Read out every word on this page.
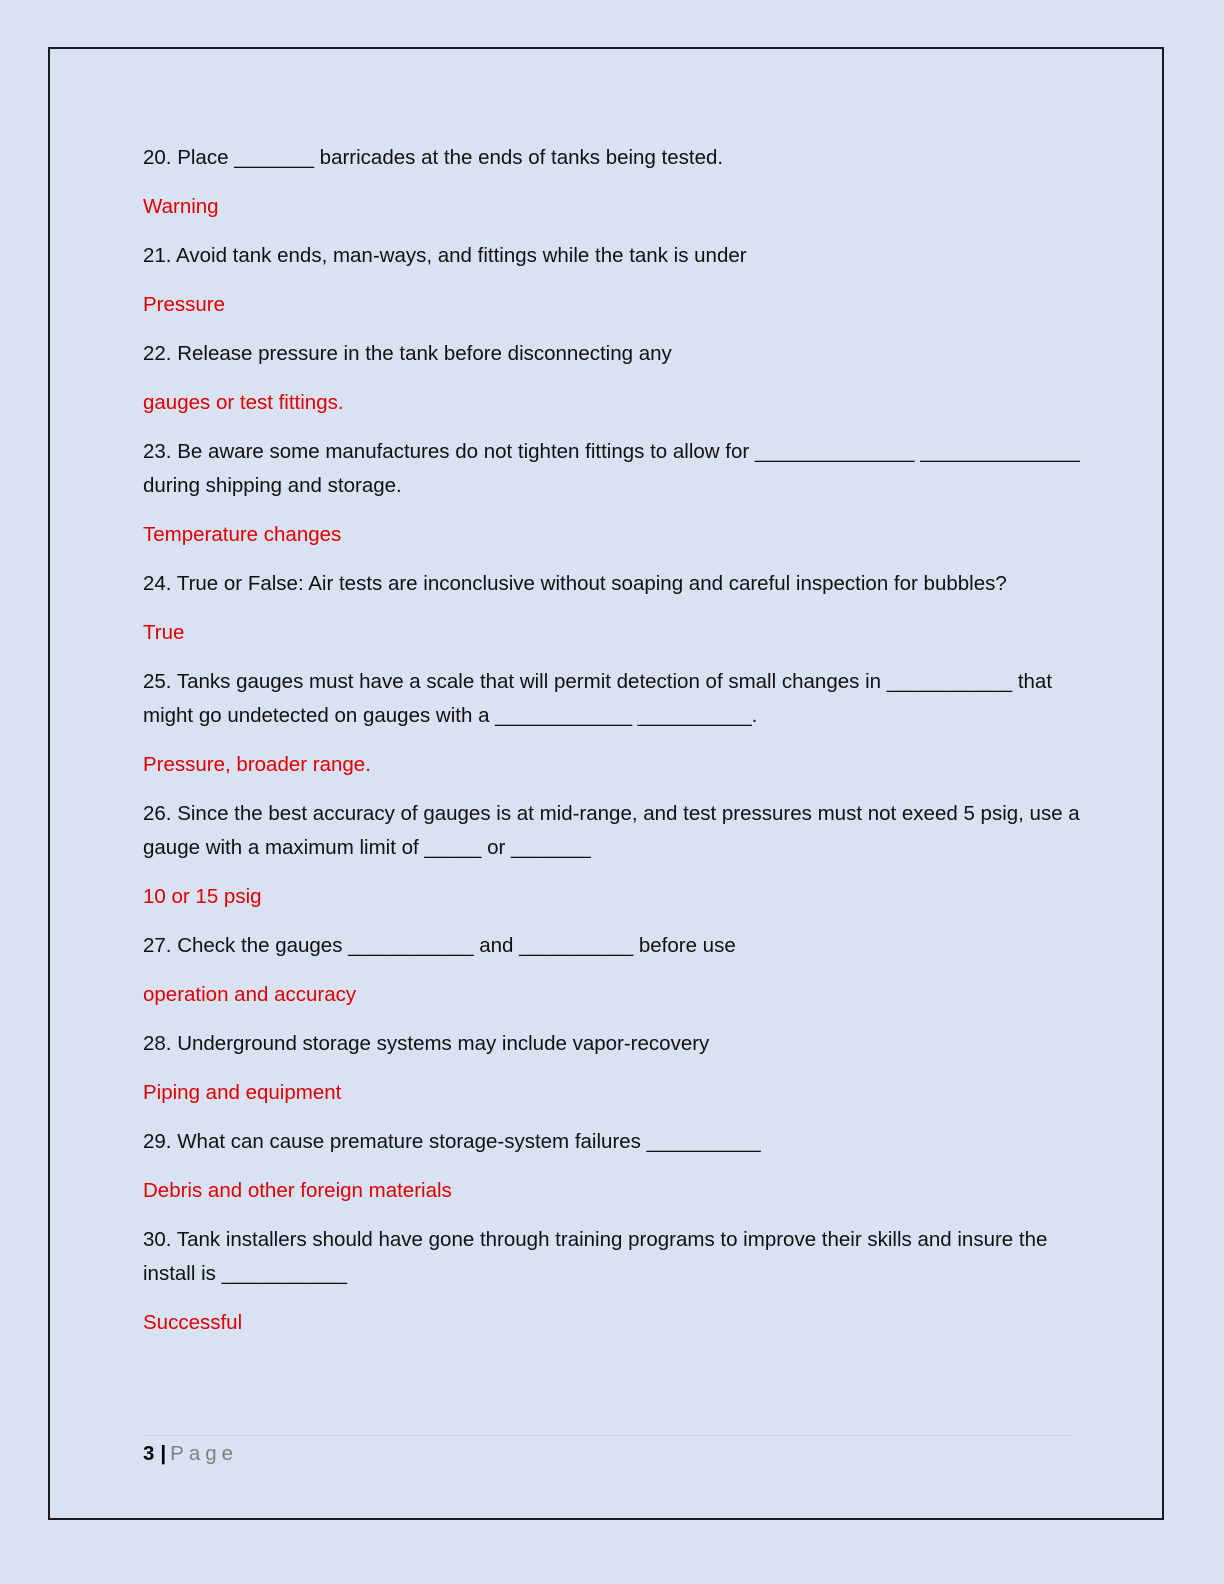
20. Place _______ barricades at the ends of tanks being tested.

Warning

21. Avoid tank ends, man-ways, and fittings while the tank is under

Pressure

22. Release pressure in the tank before disconnecting any

gauges or test fittings.

23. Be aware some manufactures do not tighten fittings to allow for ______________ ______________ during shipping and storage.

Temperature changes

24. True or False: Air tests are inconclusive without soaping and careful inspection for bubbles?

True

25. Tanks gauges must have a scale that will permit detection of small changes in ___________ that might go undetected on gauges with a ____________ __________.

Pressure, broader range.

26. Since the best accuracy of gauges is at mid-range, and test pressures must not exeed 5 psig, use a gauge with a maximum limit of _____ or _______

10 or 15 psig

27. Check the gauges ___________ and __________ before use

operation and accuracy

28. Underground storage systems may include vapor-recovery

Piping and equipment

29. What can cause premature storage-system failures __________

Debris and other foreign materials

30. Tank installers should have gone through training programs to improve their skills and insure the install is ___________

Successful

3 | Page
